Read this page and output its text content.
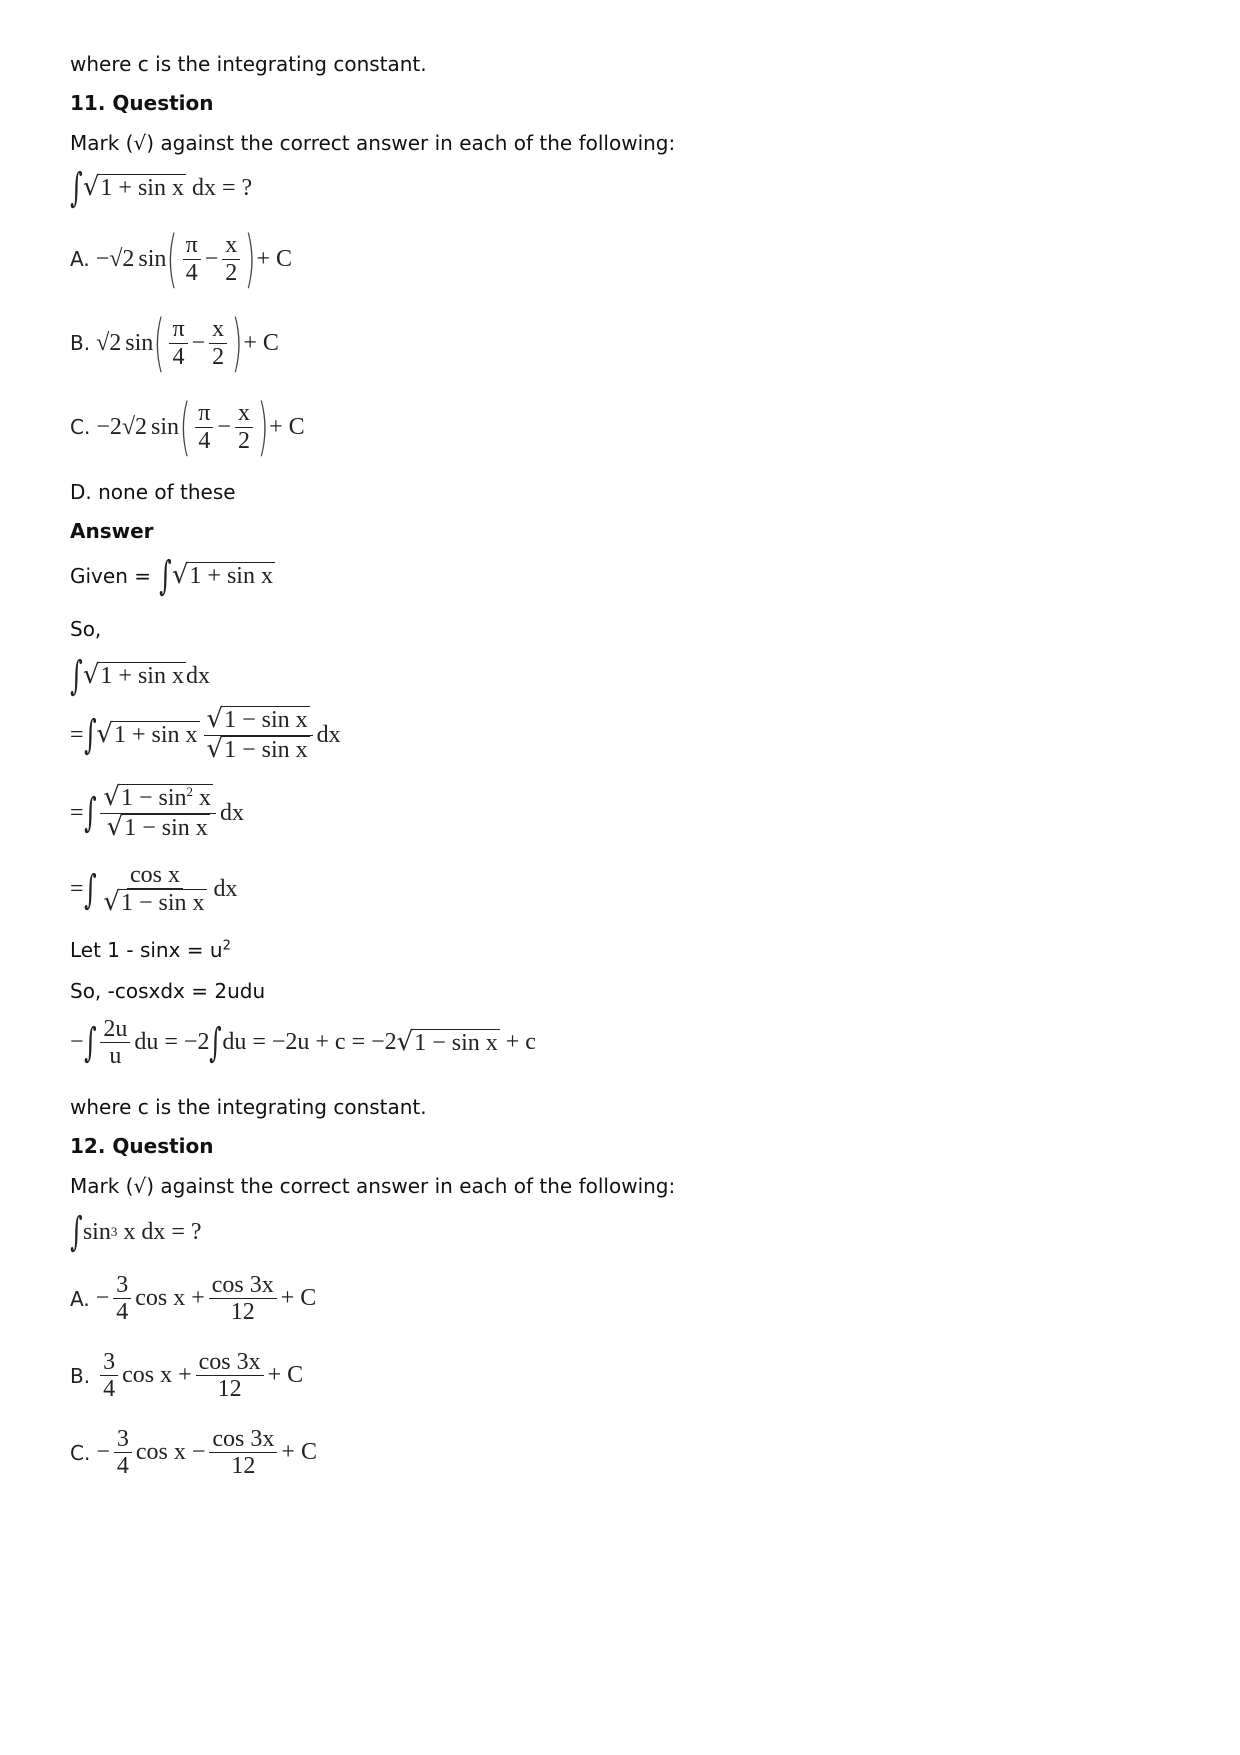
where c is the integrating constant.
11. Question
Mark (√) against the correct answer in each of the following:
∫ √ 1 + sin x dx = ?
A. −√2 sin ( $\frac{\pi}{4} - \frac{x}{2}$ ) + C
B. √2 sin ( $\frac{\pi}{4} - \frac{x}{2}$ ) + C
C. −2√2 sin ( $\frac{\pi}{4} - \frac{x}{2}$ ) + C
D. none of these
Answer
Given = ∫ √ 1 + sin x
So,
∫ √ 1 + sin x dx
= ∫ √ 1 + sin x $\frac{\text{√ 1 − sin x}}{\text{√ 1 − sin x}}$ dx
= ∫ $\frac{√ 1 - \sin^2 x}{\text{√ 1 − sin x}}$ dx
= ∫ $\frac{\text{cos x}}{\text{√ 1 − sin x}}$ dx
Let $1 - \sin x = u^2$
So, -cosxdx = 2udu
− ∫ $\frac{2u}{u}$ du = −2 ∫ du = −2u + c = −2 √ 1 − sin x + c
where c is the integrating constant.
12. Question
Mark (√) against the correct answer in each of the following:
∫ sin 3 x dx = ?
A. − $\frac{3}{4}$ $\cos x + \frac{\cos 3x}{12} + C$
B. $\frac{3}{4}$ $\cos x + \frac{\cos 3x}{12} + C$
C. − $\frac{3}{4}$ $\cos x - \frac{\cos 3x}{12} + C$
